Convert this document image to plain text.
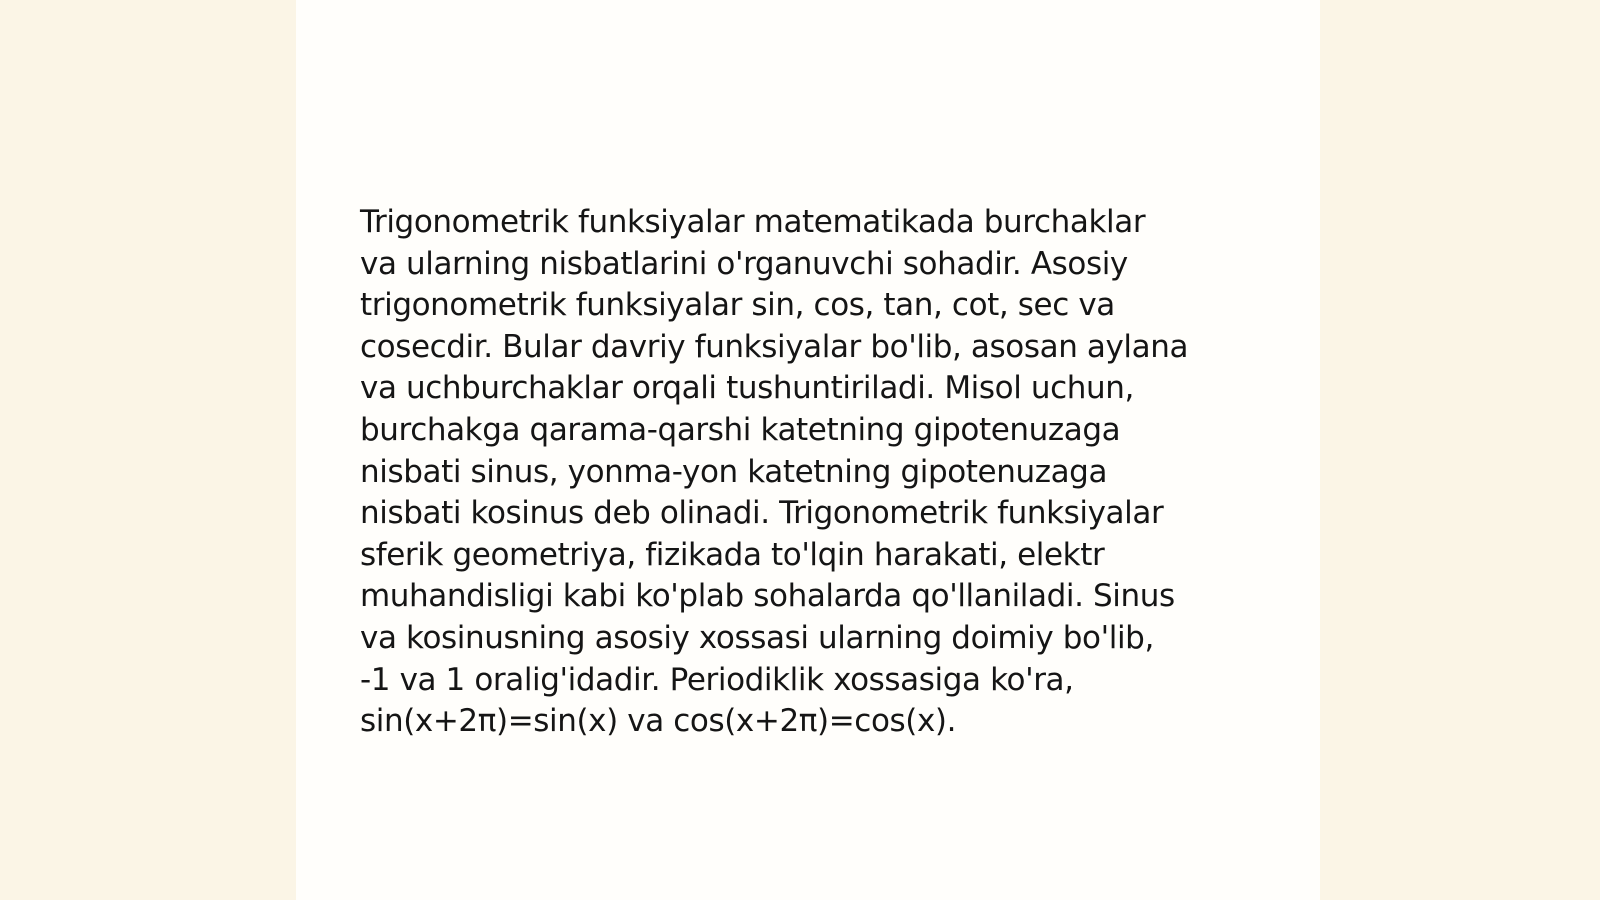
Trigonometrik funksiyalar matematikada burchaklar
va ularning nisbatlarini o'rganuvchi sohadir. Asosiy
trigonometrik funksiyalar sin, cos, tan, cot, sec va
cosecdir. Bular davriy funksiyalar bo'lib, asosan aylana
va uchburchaklar orqali tushuntiriladi. Misol uchun,
burchakga qarama-qarshi katetning gipotenuzaga
nisbati sinus, yonma-yon katetning gipotenuzaga
nisbati kosinus deb olinadi. Trigonometrik funksiyalar
sferik geometriya, fizikada to'lqin harakati, elektr
muhandisligi kabi ko'plab sohalarda qo'llaniladi. Sinus
va kosinusning asosiy xossasi ularning doimiy bo'lib,
-1 va 1 oralig'idadir. Periodiklik xossasiga ko'ra,
sin(x+2π)=sin(x) va cos(x+2π)=cos(x).
